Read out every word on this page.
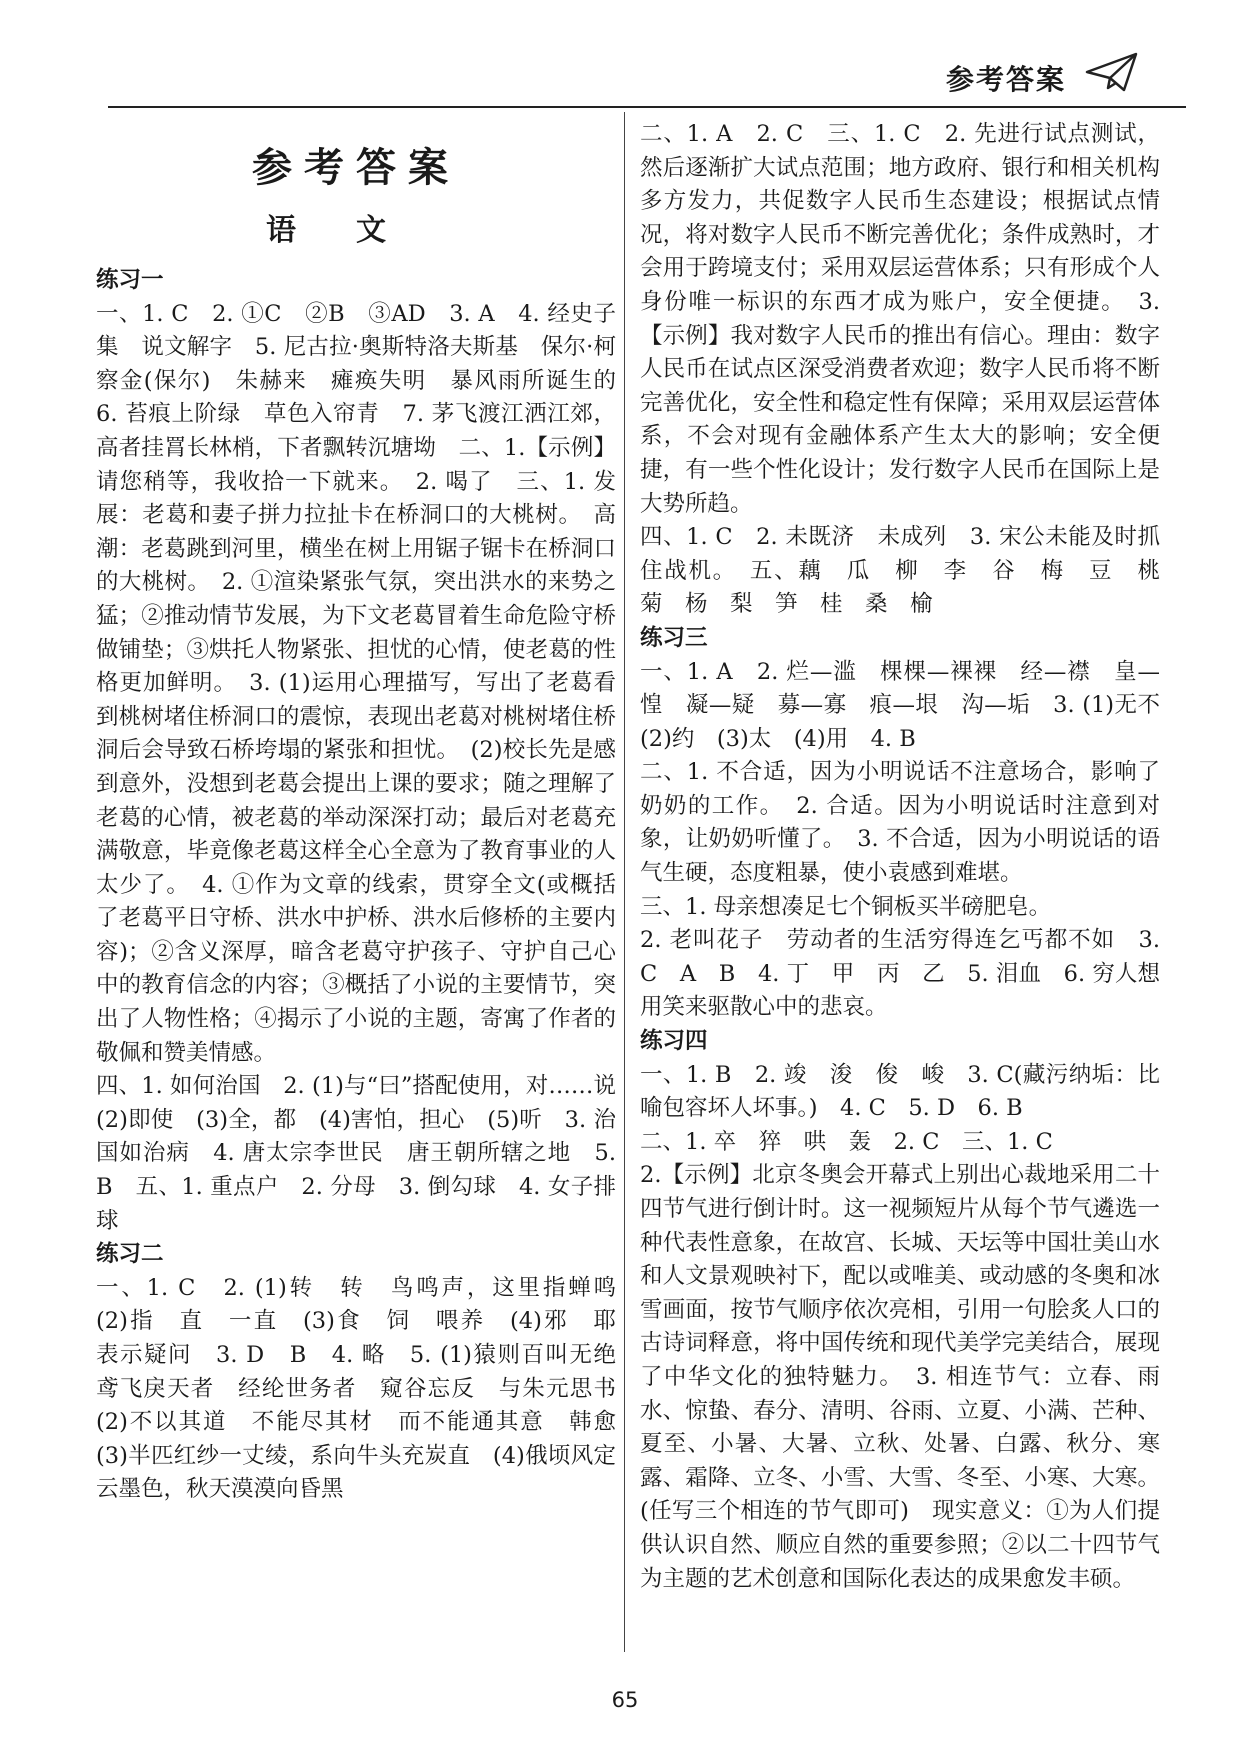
参考答案
参考答案
语文
练习一
一、1. C　2. ①C　②B　③AD　3. A　4. 经史子集　说文解字　5. 尼古拉·奥斯特洛夫斯基　保尔·柯察金(保尔)　朱赫来　瘫痪失明　暴风雨所诞生的　6. 苔痕上阶绿　草色入帘青　7. 茅飞渡江洒江郊，高者挂罥长林梢，下者飘转沉塘坳　二、1.【示例】请您稍等，我收拾一下就来。　2. 喝了　三、1. 发展：老葛和妻子拼力拉扯卡在桥洞口的大桃树。　高潮：老葛跳到河里，横坐在树上用锯子锯卡在桥洞口的大桃树。　2. ①渲染紧张气氛，突出洪水的来势之猛；②推动情节发展，为下文老葛冒着生命危险守桥做铺垫；③烘托人物紧张、担忧的心情，使老葛的性格更加鲜明。　3. (1)运用心理描写，写出了老葛看到桃树堵住桥洞口的震惊，表现出老葛对桃树堵住桥洞后会导致石桥垮塌的紧张和担忧。　(2)校长先是感到意外，没想到老葛会提出上课的要求；随之理解了老葛的心情，被老葛的举动深深打动；最后对老葛充满敬意，毕竟像老葛这样全心全意为了教育事业的人太少了。　4. ①作为文章的线索，贯穿全文(或概括了老葛平日守桥、洪水中护桥、洪水后修桥的主要内容)；②含义深厚，暗含老葛守护孩子、守护自己心中的教育信念的内容；③概括了小说的主要情节，突出了人物性格；④揭示了小说的主题，寄寓了作者的敬佩和赞美情感。
四、1. 如何治国　2. (1)与“曰”搭配使用，对……说　(2)即使　(3)全，都　(4)害怕，担心　(5)听　3. 治国如治病　4. 唐太宗李世民　唐王朝所辖之地　5. B　五、1. 重点户　2. 分母　3. 倒勾球　4. 女子排球
练习二
一、1. C　2. (1)转　转　鸟鸣声，这里指蝉鸣　(2)指　直　一直　(3)食　饲　喂养　(4)邪　耶　表示疑问　3. D　B　4. 略　5. (1)猿则百叫无绝　鸢飞戾天者　经纶世务者　窥谷忘反　与朱元思书　(2)不以其道　不能尽其材　而不能通其意　韩愈　(3)半匹红纱一丈绫，系向牛头充炭直　(4)俄顷风定云墨色，秋天漠漠向昏黑
二、1. A　2. C　三、1. C　2. 先进行试点测试，然后逐渐扩大试点范围；地方政府、银行和相关机构多方发力，共促数字人民币生态建设；根据试点情况，将对数字人民币不断完善优化；条件成熟时，才会用于跨境支付；采用双层运营体系；只有形成个人身份唯一标识的东西才成为账户，安全便捷。　3.【示例】我对数字人民币的推出有信心。理由：数字人民币在试点区深受消费者欢迎；数字人民币将不断完善优化，安全性和稳定性有保障；采用双层运营体系，不会对现有金融体系产生太大的影响；安全便捷，有一些个性化设计；发行数字人民币在国际上是大势所趋。
四、1. C　2. 未既济　未成列　3. 宋公未能及时抓住战机。　五、藕　瓜　柳　李　谷　梅　豆　桃　菊　杨　梨　笋　桂　桑　榆
练习三
一、1. A　2. 烂—滥　棵棵—裸裸　经—襟　皇—惶　凝—疑　募—寡　痕—垠　沟—垢　3. (1)无不　(2)约　(3)太　(4)用　4. B
二、1. 不合适，因为小明说话不注意场合，影响了奶奶的工作。　2. 合适。因为小明说话时注意到对象，让奶奶听懂了。　3. 不合适，因为小明说话的语气生硬，态度粗暴，使小袁感到难堪。
三、1. 母亲想凑足七个铜板买半磅肥皂。
2. 老叫花子　劳动者的生活穷得连乞丐都不如　3. C　A　B　4. 丁　甲　丙　乙　5. 泪血　6. 穷人想用笑来驱散心中的悲哀。
练习四
一、1. B　2. 竣　浚　俊　峻　3. C(藏污纳垢：比喻包容坏人坏事。)　4. C　5. D　6. B
二、1. 卒　猝　哄　轰　2. C　三、1. C
2.【示例】北京冬奥会开幕式上别出心裁地采用二十四节气进行倒计时。这一视频短片从每个节气遴选一种代表性意象，在故宫、长城、天坛等中国壮美山水和人文景观映衬下，配以或唯美、或动感的冬奥和冰雪画面，按节气顺序依次亮相，引用一句脍炙人口的古诗词释意，将中国传统和现代美学完美结合，展现了中华文化的独特魅力。　3. 相连节气：立春、雨水、惊蛰、春分、清明、谷雨、立夏、小满、芒种、夏至、小暑、大暑、立秋、处暑、白露、秋分、寒露、霜降、立冬、小雪、大雪、冬至、小寒、大寒。(任写三个相连的节气即可)　现实意义：①为人们提供认识自然、顺应自然的重要参照；②以二十四节气为主题的艺术创意和国际化表达的成果愈发丰硕。
65
